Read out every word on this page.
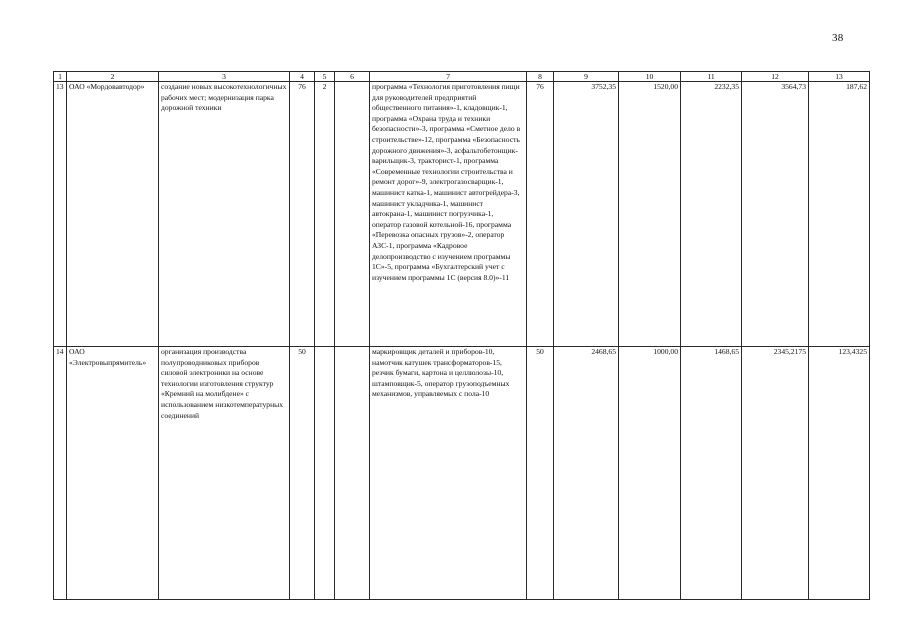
38
1	2	3	4	5	6	7	8	9	10	11	12	13
13	ОАО «Мордовавтодор»	создание новых высокотехнологичных рабочих мест; модернизация парка дорожной техники	76	2		программа «Технология приготовления пищи для руководителей предприятий общественного питания»-1, кладовщик-1, программа «Охрана труда и техники безопасности»-3, программа «Сметное дело в строительстве»-12, программа «Безопасность дорожного движения»-3, асфальтобетонщик-варильщик-3, тракторист-1, программа «Современные технологии строительства и ремонт дорог»-9, электрогазосварщик-1, машинист катка-1, машинист автогрейдера-3, машинист укладчика-1, машинист автокрана-1, машинист погрузчика-1, оператор газовой котельной-16, программа «Перевозка опасных грузов»-2, оператор АЗС-1, программа «Кадровое делопроизводство с изучением программы 1С»-5, программа «Бухгалтерский учет с изучением программы 1С (версия 8.0)»-11	76	3752,35	1520,00	2232,35	3564,73	187,62
14	ОАО «Электровыпрямитель»	организация производства полупроводниковых приборов силовой электроники на основе технологии изготовления структур «Кремний на молибдене» с использованием низкотемпературных соединений	50			маркировщик деталей и приборов-10, намотчик катушек трансформаторов-15, резчик бумаги, картона и целлюлозы-10, штамповщик-5, оператор грузоподъемных механизмов, управляемых с пола-10	50	2468,65	1000,00	1468,65	2345,2175	123,4325
